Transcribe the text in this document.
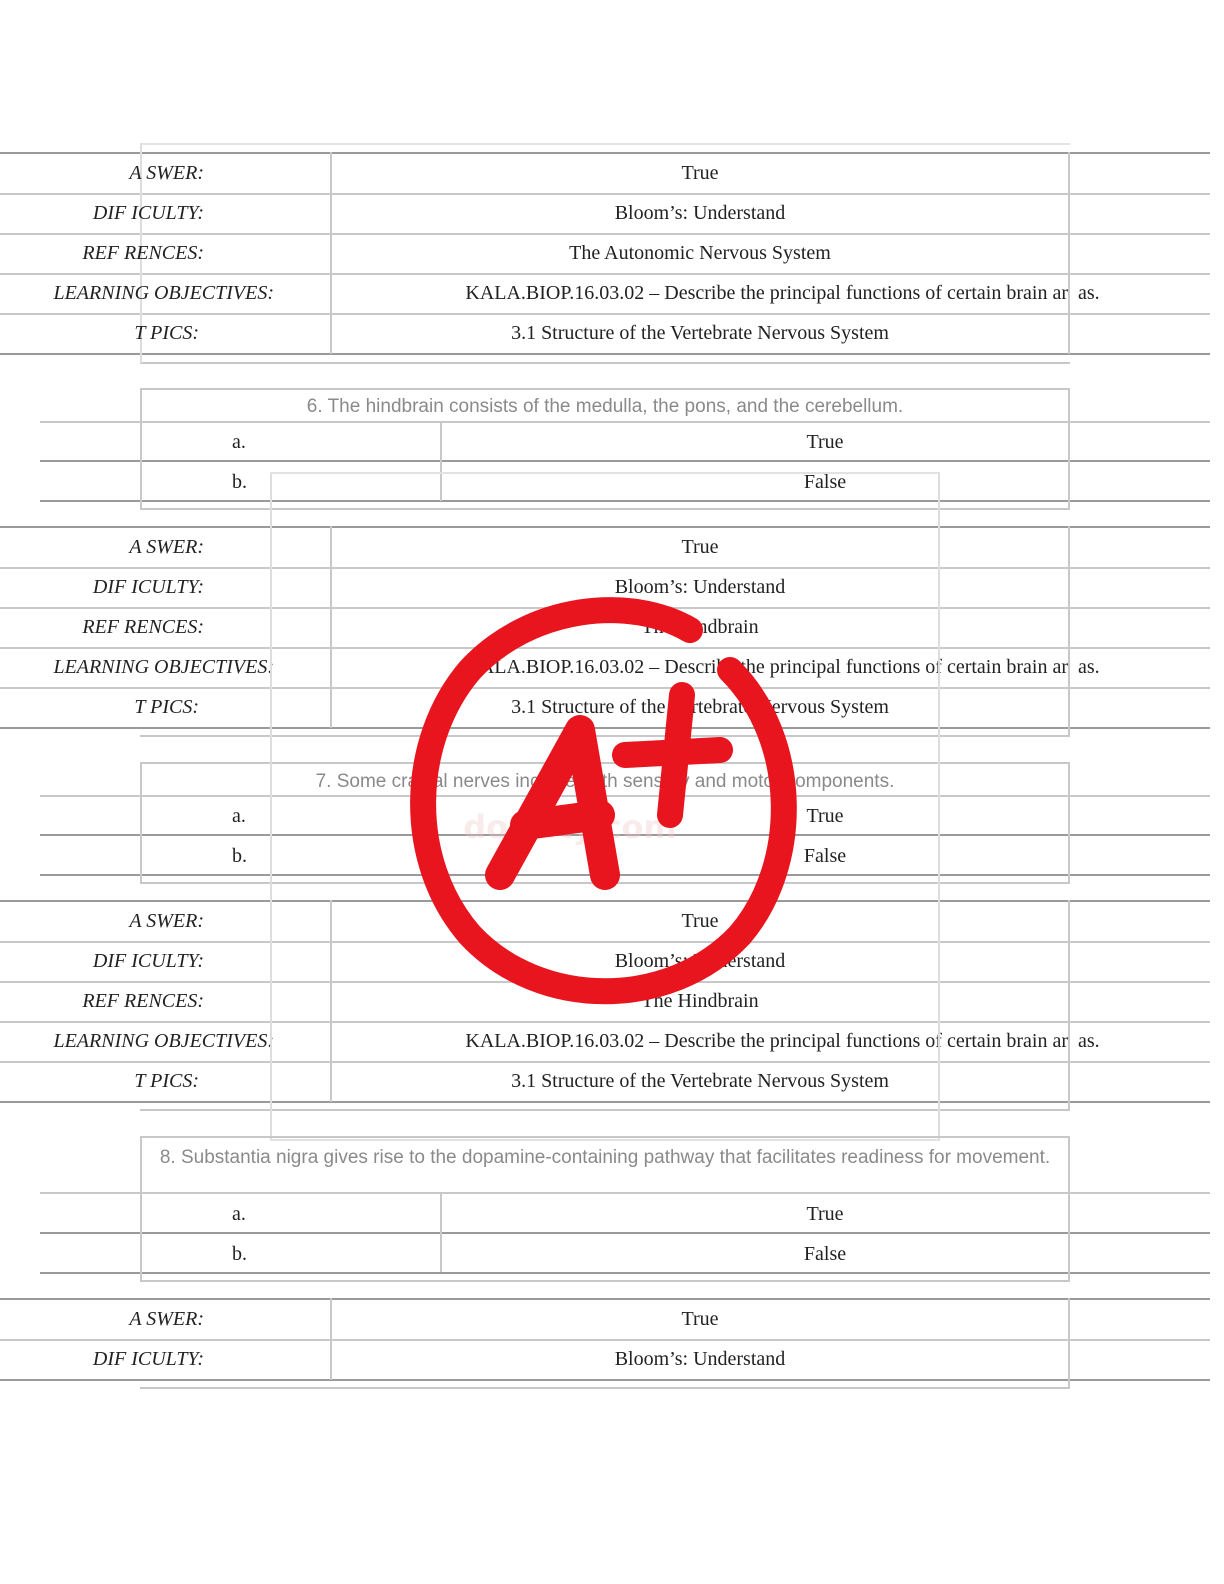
A SWER:	True
DIF ICULTY:	Bloom’s: Understand
REF RENCES:	The Autonomic Nervous System
LEARNING OBJECTIVES:	KALA.BIOP.16.03.02 – Describe the principal functions of certain brain ar as.
T PICS:	3.1 Structure of the Vertebrate Nervous System
6. The hindbrain consists of the medulla, the pons, and the cerebellum.
a.	True
b.	False
A SWER:	True
DIF ICULTY:	Bloom’s: Understand
REF RENCES:	The Hindbrain
LEARNING OBJECTIVES:	KALA.BIOP.16.03.02 – Describe the principal functions of certain brain ar as.
T PICS:	3.1 Structure of the Vertebrate Nervous System
7. Some cranial nerves include both sensory and motor components.
a.	True
b.	False
A SWER:	True
DIF ICULTY:	Bloom’s: Understand
REF RENCES:	The Hindbrain
LEARNING OBJECTIVES:	KALA.BIOP.16.03.02 – Describe the principal functions of certain brain ar as.
T PICS:	3.1 Structure of the Vertebrate Nervous System
8. Substantia nigra gives rise to the dopamine-containing pathway that facilitates readiness for movement.
a.	True
b.	False
A SWER:	True
DIF ICULTY:	Bloom’s: Understand
docsity.com
